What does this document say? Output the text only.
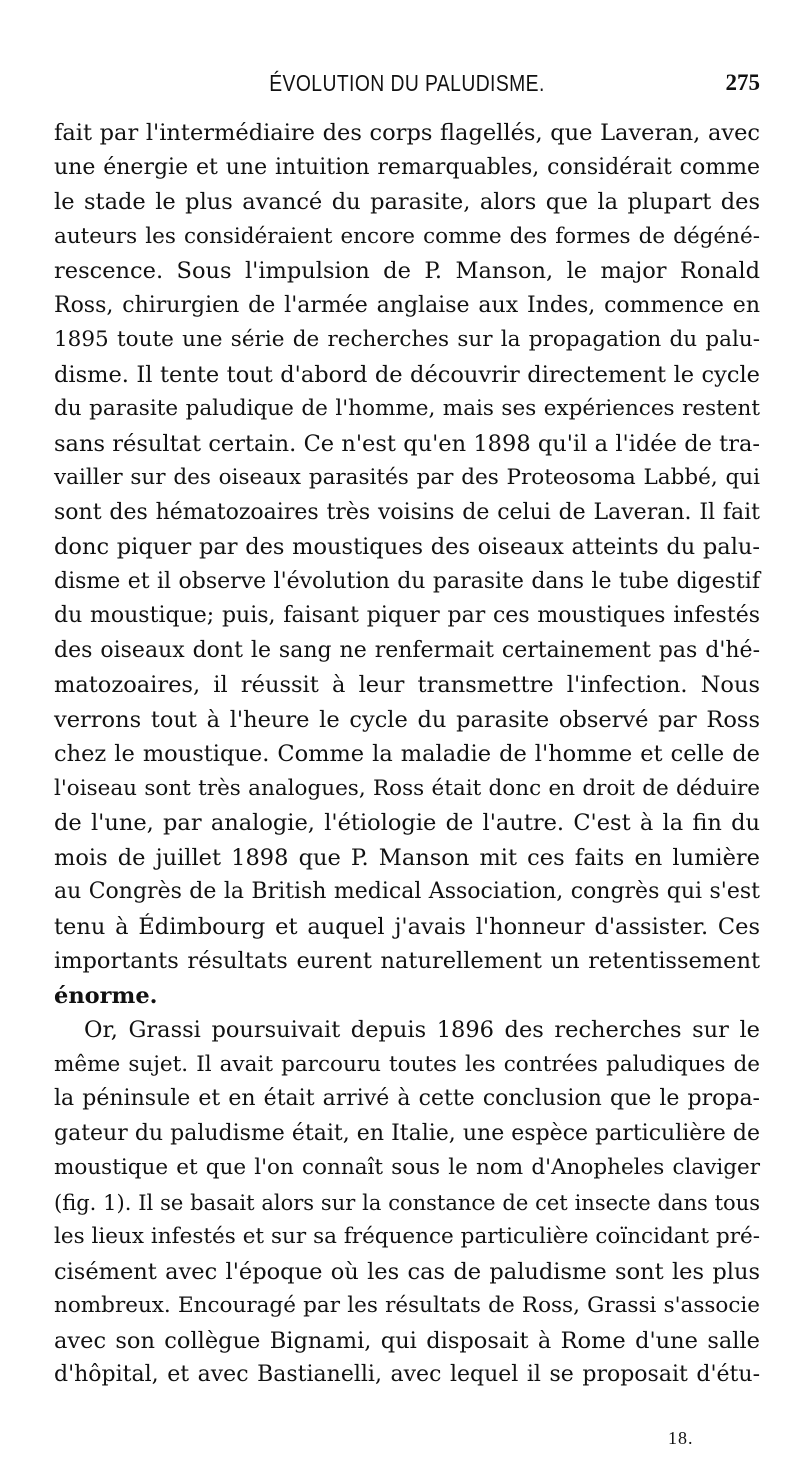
ÉVOLUTION DU PALUDISME.	275
fait par l'intermédiaire des corps flagellés, que Laveran, avec
une énergie et une intuition remarquables, considérait comme
le stade le plus avancé du parasite, alors que la plupart des
auteurs les considéraient encore comme des formes de dégéné-
rescence. Sous l'impulsion de P. Manson, le major Ronald
Ross, chirurgien de l'armée anglaise aux Indes, commence en
1895 toute une série de recherches sur la propagation du palu-
disme. Il tente tout d'abord de découvrir directement le cycle
du parasite paludique de l'homme, mais ses expériences restent
sans résultat certain. Ce n'est qu'en 1898 qu'il a l'idée de tra-
vailler sur des oiseaux parasités par des Proteosoma Labbé, qui
sont des hématozoaires très voisins de celui de Laveran. Il fait
donc piquer par des moustiques des oiseaux atteints du palu-
disme et il observe l'évolution du parasite dans le tube digestif
du moustique; puis, faisant piquer par ces moustiques infestés
des oiseaux dont le sang ne renfermait certainement pas d'hé-
matozoaires, il réussit à leur transmettre l'infection. Nous
verrons tout à l'heure le cycle du parasite observé par Ross
chez le moustique. Comme la maladie de l'homme et celle de
l'oiseau sont très analogues, Ross était donc en droit de déduire
de l'une, par analogie, l'étiologie de l'autre. C'est à la fin du
mois de juillet 1898 que P. Manson mit ces faits en lumière
au Congrès de la British medical Association, congrès qui s'est
tenu à Édimbourg et auquel j'avais l'honneur d'assister. Ces
importants résultats eurent naturellement un retentissement
énorme.
Or, Grassi poursuivait depuis 1896 des recherches sur le
même sujet. Il avait parcouru toutes les contrées paludiques de
la péninsule et en était arrivé à cette conclusion que le propa-
gateur du paludisme était, en Italie, une espèce particulière de
moustique et que l'on connaît sous le nom d'Anopheles claviger
(fig. 1). Il se basait alors sur la constance de cet insecte dans tous
les lieux infestés et sur sa fréquence particulière coïncidant pré-
cisément avec l'époque où les cas de paludisme sont les plus
nombreux. Encouragé par les résultats de Ross, Grassi s'associe
avec son collègue Bignami, qui disposait à Rome d'une salle
d'hôpital, et avec Bastianelli, avec lequel il se proposait d'étu-
18.
